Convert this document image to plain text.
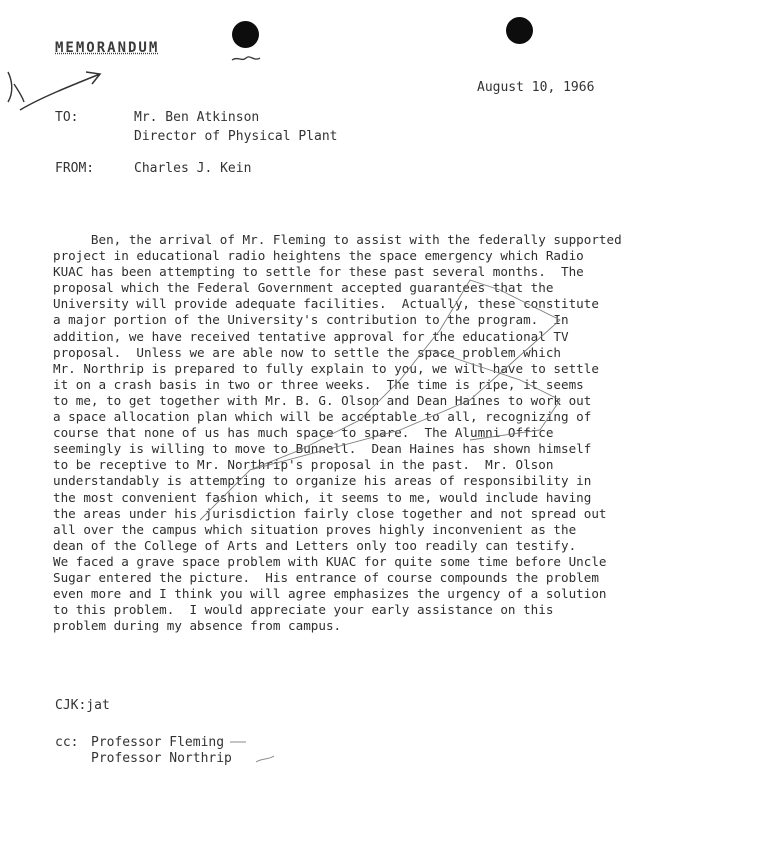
MEMORANDUM
August 10, 1966
TO:	Mr. Ben Atkinson
Director of Physical Plant
FROM:	Charles J. Kein
Ben, the arrival of Mr. Fleming to assist with the federally supported
project in educational radio heightens the space emergency which Radio
KUAC has been attempting to settle for these past several months.  The
proposal which the Federal Government accepted guarantees that the
University will provide adequate facilities.  Actually, these constitute
a major portion of the University's contribution to the program.  In
addition, we have received tentative approval for the educational TV
proposal.  Unless we are able now to settle the space problem which
Mr. Northrip is prepared to fully explain to you, we will have to settle
it on a crash basis in two or three weeks.  The time is ripe, it seems
to me, to get together with Mr. B. G. Olson and Dean Haines to work out
a space allocation plan which will be acceptable to all, recognizing of
course that none of us has much space to spare.  The Alumni Office
seemingly is willing to move to Bunnell.  Dean Haines has shown himself
to be receptive to Mr. Northrip's proposal in the past.  Mr. Olson
understandably is attempting to organize his areas of responsibility in
the most convenient fashion which, it seems to me, would include having
the areas under his jurisdiction fairly close together and not spread out
all over the campus which situation proves highly inconvenient as the
dean of the College of Arts and Letters only too readily can testify.
We faced a grave space problem with KUAC for quite some time before Uncle
Sugar entered the picture.  His entrance of course compounds the problem
even more and I think you will agree emphasizes the urgency of a solution
to this problem.  I would appreciate your early assistance on this
problem during my absence from campus.
CJK:jat
cc: Professor Fleming
Professor Northrip
